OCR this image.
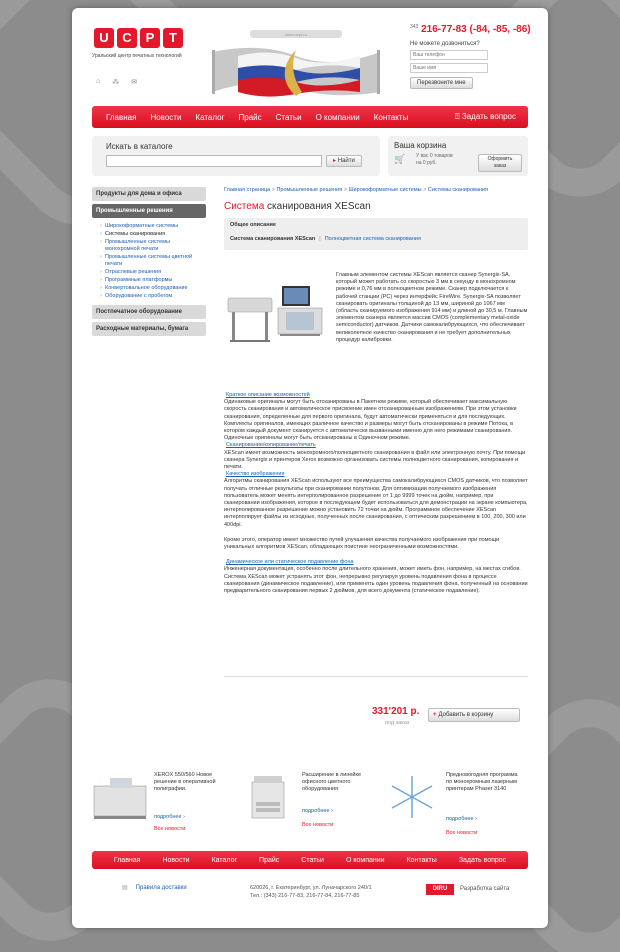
U	C	P	T
Уральский центр печатных технологий
⌂ ⁂ ✉
www.ucpt.ru
$^{343}$ 216-77-83 (-84, -85, -86)
Не можете дозвониться?
Ваш телефон
Ваше имя Перезвоните мне
Главная Новости Каталог Прайс Статьи О компании Контакты	⍰ Задать вопрос
Искать в каталоге
▸ Найти
Ваша корзина
🛒 У вас 0 товаров
на 0 руб.
Оформить
заказ
Продукты для дома и офиса
Промышленные решения
› Широкоформатные системы
› Системы сканирования
› Промышленные системы монохромной печати
› Промышленные системы цветной печати
› Отраслевые решения
› Программные платформы
› Конвертовальное оборудование
› Оборудование с пробегом
Постпечатное оборудование
Расходные материалы, бумага
Главная страница > Промышленные решения > Широкоформатные системы > Системы сканирования
Система сканирования XEScan
Общее описание
Система сканирования XEScan | Полноцветная система сканирования
Главным элементом системы XEScan является сканер Synergix-SA, который может работать со скоростью 3 мм в секунду в монохромном режиме и 0,76 мм в полноцветном режиме. Сканер подключается к рабочей станции (PC) через интерфейс FireWire. Synergix-SA позволяет сканировать оригиналы толщиной до 13 мм, шириной до 1067 мм (область сканируемого изображения 914 мм) и длиной до 30,5 м. Главным элементом сканера является массив CMOS (complementary metal-oxide semiconductor) датчиков. Датчики самокалибрующихся, что обеспечивает великолепное качество сканирования и не требует дополнительных процедур калибровки.
Краткое описание возможностей

Одинаковые оригиналы могут быть отсканированы в Пакетном режиме, который обеспечивает максимальную скорость сканирования и автоматическое присвоение имен отсканированным изображениям. При этом установки сканирования, определенные для первого оригинала, будут автоматически применяться и для последующих. Комплекты оригиналов, имеющих различное качество и размеры могут быть отсканированы в режиме Потока, в котором каждый документ сканируется с автоматически вызванными именно для него режимами сканирования. Одиночные оригиналы могут быть отсканированы в Одиночном режиме.

Сканирование/копирование/печать

XEScan имеет возможность монохромного/полноцветного сканирования в файл или электронную почту. При помощи сканера Synergix и принтеров Xerox возможно организовать системы полноцветного сканирования, копирования и печати.

Качество изображения

Алгоритмы сканирования XEScan используют все преимущества самокалибрующихся CMOS датчиков, что позволяет получать отличные результаты при сканировании полутонов. Для оптимизации получаемого изображения пользователь может менять интерполированное разрешение от 1 до 9999 точек на дюйм, например, при сканировании изображения, которое в последующем будет использоваться для демонстрации на экране компьютера, интерполированное разрешение можно установить 72 точки на дюйм. Программное обеспечение XEScan интерполирует файлы из исходных, полученных после сканирования, с оптическим разрешением в 100, 200, 300 или 400dpi.

Кроме этого, оператор имеет множество путей улучшения качества получаемого изображения при помощи уникальных алгоритмов XEScan, обладающих поистине неограниченными возможностями.

Динамическое или статическое подавление фона

Инженерная документация, особенно после длительного хранения, может иметь фон, например, на местах сгибов. Система XEScan может устранять этот фон, непрерывно регулируя уровень подавления фона в процессе сканирования (динамическое подавление), или применять один уровень подавления фона, полученный на основании предварительного сканирования первых 2 дюймов, для всего документа (статическое подавление).

331'201 р.
под заказ
+ Добавить в корзину
XEROX 550/560 Новое решение в оперативной полиграфии.
подробнее ›
Все новости
Расширение в линейке офисного цветного оборудования
подробнее ›
Все новости
Предновогодняя программа по монохромным лазерным принтерам Phaser 3140
подробнее ›
Все новости
Главная	Новости	Каталог	Прайс	Статьи	О компании	Контакты	Задать вопрос
▤ Правила доставки	620026, г. Екатеринбург, ул. Луначарского 240/1
Тел.: (343) 216-77-83, 216-77-84, 216-77-85
DIRU	Разработка сайта
